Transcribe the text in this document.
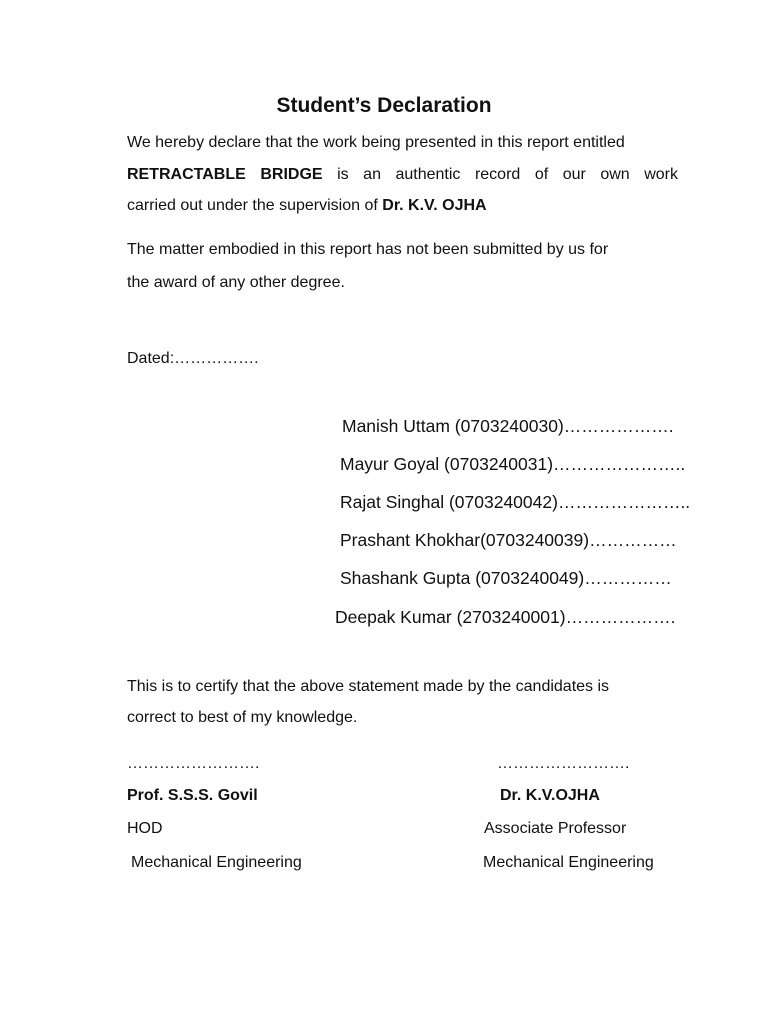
Student’s Declaration
We hereby declare that the work being presented in this report entitled
RETRACTABLE BRIDGE is an authentic record of our own work
carried out under the supervision of Dr. K.V. OJHA
The matter embodied in this report has not been submitted by us for
the award of any other degree.
Dated:…………….
Manish Uttam (0703240030)……………….
Mayur Goyal (0703240031)…………………..
Rajat Singhal (0703240042)…………………..
Prashant Khokhar(0703240039)……………
Shashank Gupta (0703240049)……………
Deepak Kumar (2703240001)……………….
This is to certify that the above statement made by the candidates is
correct to best of my knowledge.
…………………….
Prof. S.S.S. Govil
HOD
Mechanical Engineering
…………………….
Dr. K.V.OJHA
Associate Professor
Mechanical Engineering
